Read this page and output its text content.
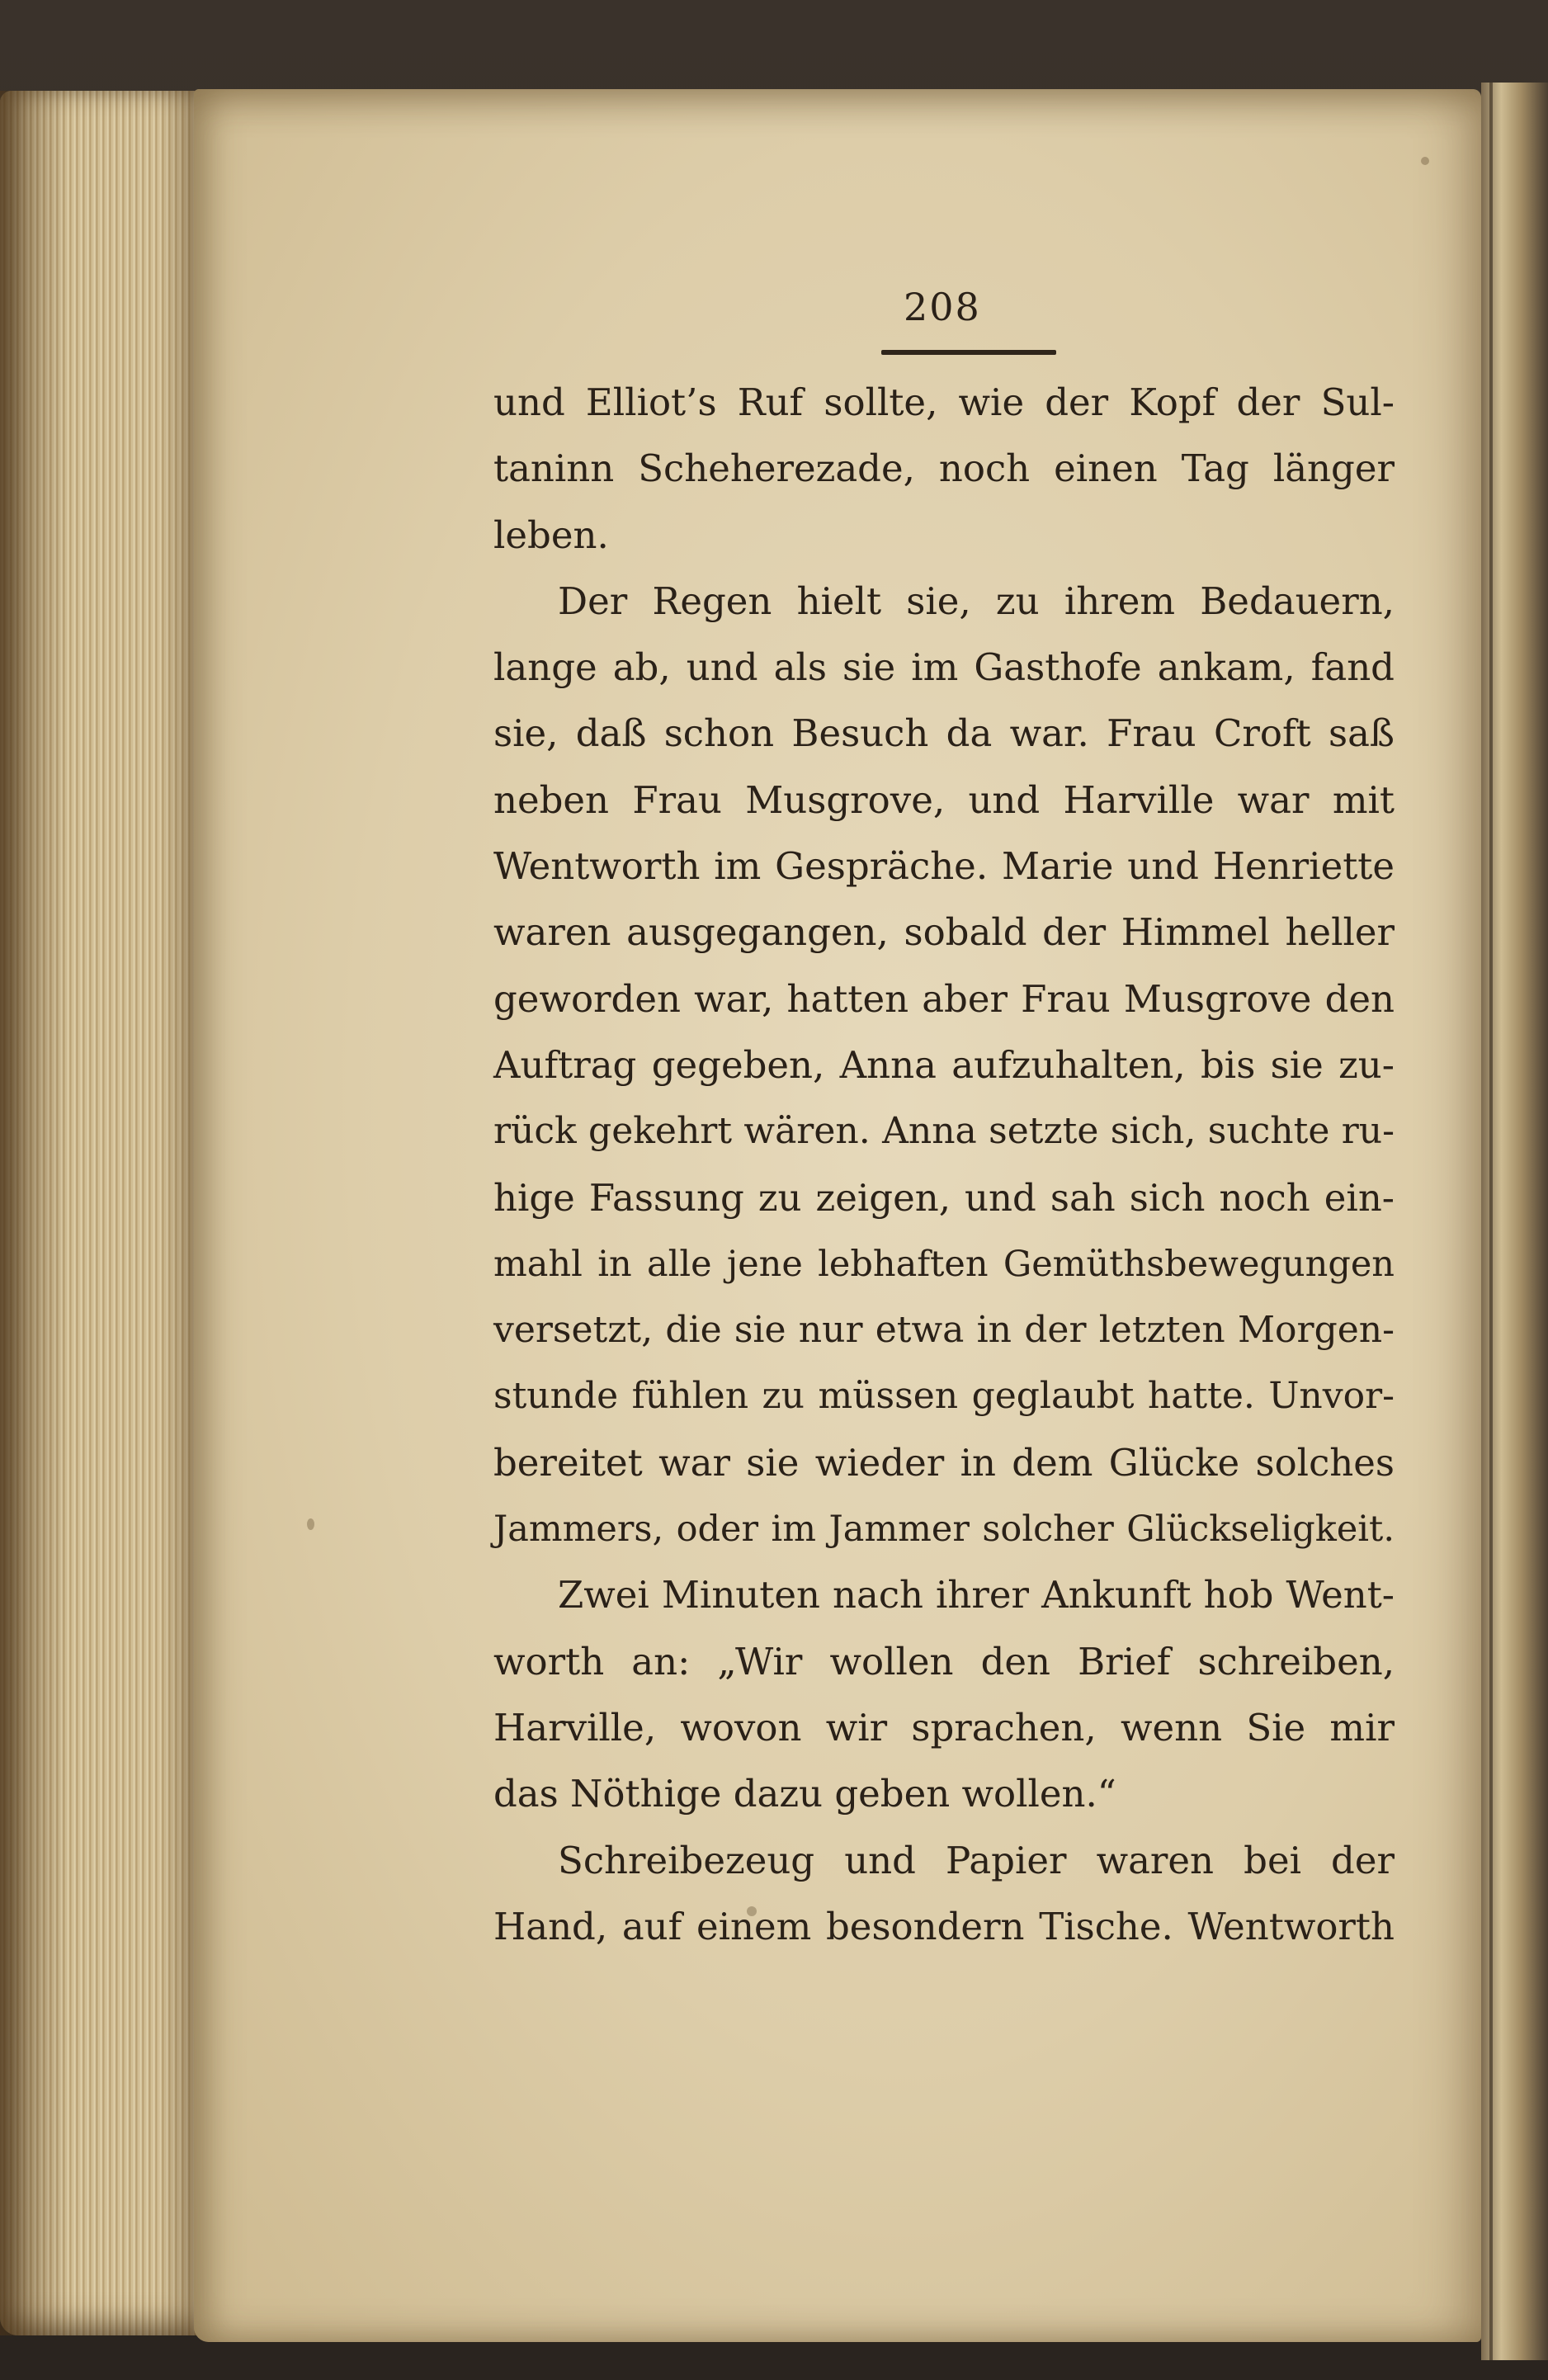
208
und Elliot’s Ruf sollte, wie der Kopf der Sul-
taninn Scheherezade, noch einen Tag länger
leben.
Der Regen hielt sie, zu ihrem Bedauern,
lange ab, und als sie im Gasthofe ankam, fand
sie, daß schon Besuch da war. Frau Croft saß
neben Frau Musgrove, und Harville war mit
Wentworth im Gespräche. Marie und Henriette
waren ausgegangen, sobald der Himmel heller
geworden war, hatten aber Frau Musgrove den
Auftrag gegeben, Anna aufzuhalten, bis sie zu-
rück gekehrt wären. Anna setzte sich, suchte ru-
hige Fassung zu zeigen, und sah sich noch ein-
mahl in alle jene lebhaften Gemüthsbewegungen
versetzt, die sie nur etwa in der letzten Morgen-
stunde fühlen zu müssen geglaubt hatte. Unvor-
bereitet war sie wieder in dem Glücke solches
Jammers, oder im Jammer solcher Glückseligkeit.
Zwei Minuten nach ihrer Ankunft hob Went-
worth an: „Wir wollen den Brief schreiben,
Harville, wovon wir sprachen, wenn Sie mir
das Nöthige dazu geben wollen.“
Schreibezeug und Papier waren bei der
Hand, auf einem besondern Tische. Wentworth
